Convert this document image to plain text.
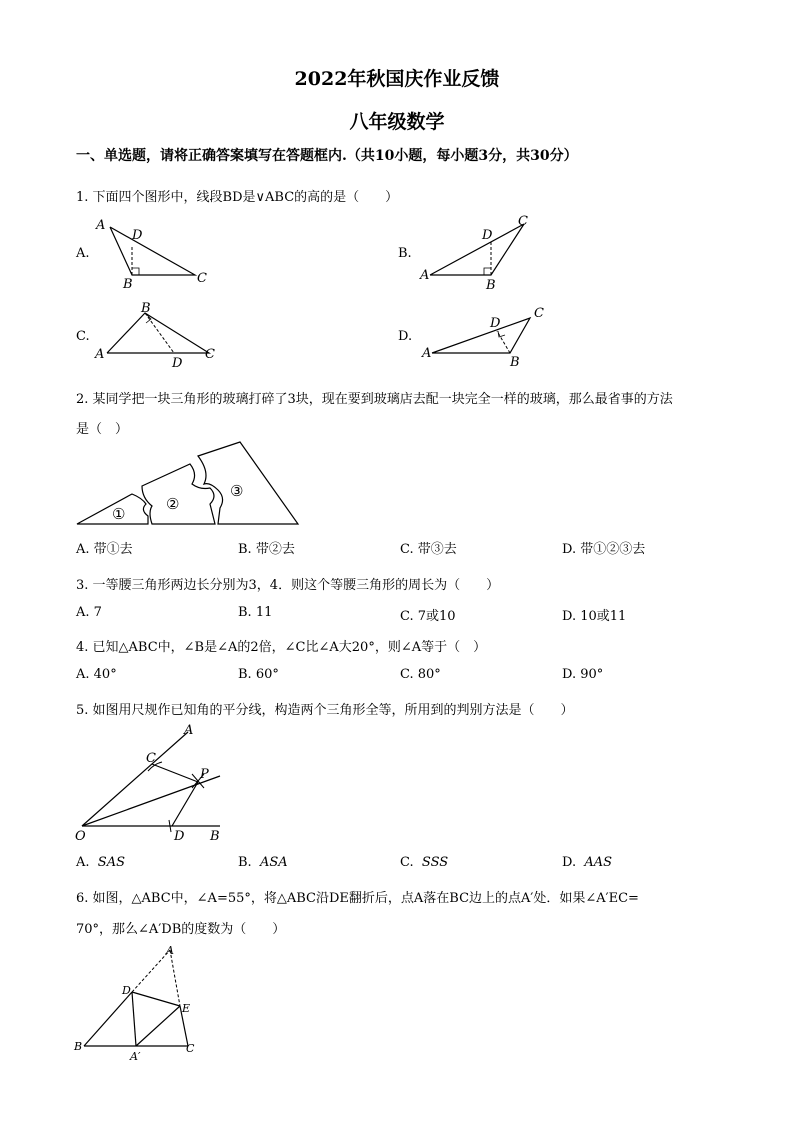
2022年秋国庆作业反馈
八年级数学
一、单选题，请将正确答案填写在答题框内.（共10小题，每小题3分，共30分）
1. 下面四个图形中，线段BD是∨ABC的高的是（　　）
A.
A
D
B	C
B.
D
C
A
B
C.
B
A
D
C
D.
D
C
A
B
2. 某同学把一块三角形的玻璃打碎了3块，现在要到玻璃店去配一块完全一样的玻璃，那么最省事的方法
是（　）
①
②
③
A. 带①去	B. 带②去	C. 带③去	D. 带①②③去
3. 一等腰三角形两边长分别为3，4．则这个等腰三角形的周长为（　　）
A. 7	B. 11	C. 7或10	D. 10或11
4. 已知△ABC中，∠B是∠A的2倍，∠C比∠A大20°，则∠A等于（　）
A. 40°	B. 60°	C. 80°	D. 90°
5. 如图用尺规作已知角的平分线，构造两个三角形全等，所用到的判别方法是（　　）
A
C
P
O	D B
A. SAS	B. ASA	C. SSS	D. AAS
6. 如图，△ABC中，∠A=55°，将△ABC沿DE翻折后，点A落在BC边上的点A′处．如果∠A′EC=
70°，那么∠A′DB的度数为（　　）
A
D
E
B
A′
C
